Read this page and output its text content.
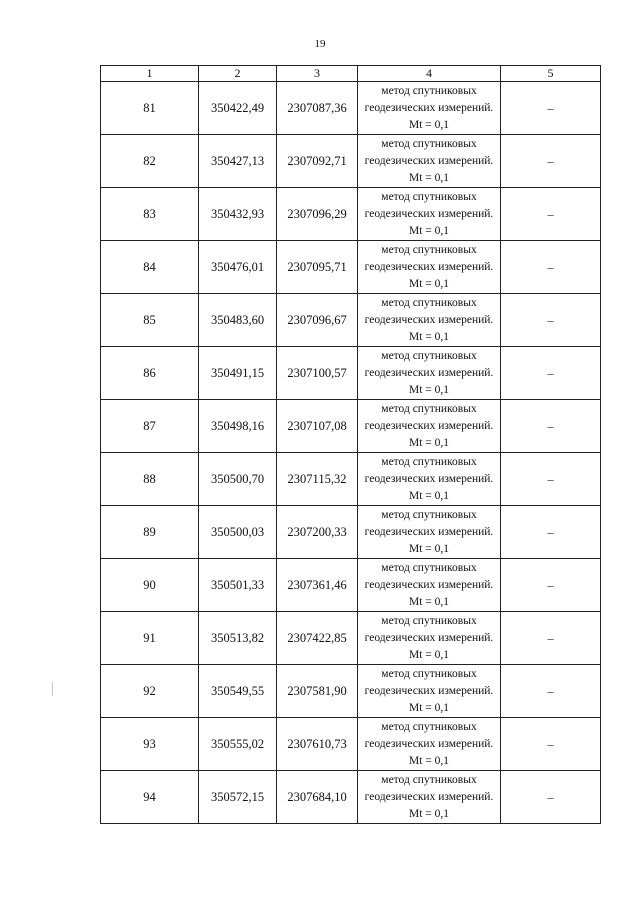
19
1	2	3	4	5
81	350422,49	2307087,36	метод спутниковых геодезических измерений. Mt = 0,1	–
82	350427,13	2307092,71	метод спутниковых геодезических измерений. Mt = 0,1	–
83	350432,93	2307096,29	метод спутниковых геодезических измерений. Mt = 0,1	–
84	350476,01	2307095,71	метод спутниковых геодезических измерений. Mt = 0,1	–
85	350483,60	2307096,67	метод спутниковых геодезических измерений. Mt = 0,1	–
86	350491,15	2307100,57	метод спутниковых геодезических измерений. Mt = 0,1	–
87	350498,16	2307107,08	метод спутниковых геодезических измерений. Mt = 0,1	–
88	350500,70	2307115,32	метод спутниковых геодезических измерений. Mt = 0,1	–
89	350500,03	2307200,33	метод спутниковых геодезических измерений. Mt = 0,1	–
90	350501,33	2307361,46	метод спутниковых геодезических измерений. Mt = 0,1	–
91	350513,82	2307422,85	метод спутниковых геодезических измерений. Mt = 0,1	–
92	350549,55	2307581,90	метод спутниковых геодезических измерений. Mt = 0,1	–
93	350555,02	2307610,73	метод спутниковых геодезических измерений. Mt = 0,1	–
94	350572,15	2307684,10	метод спутниковых геодезических измерений. Mt = 0,1	–
